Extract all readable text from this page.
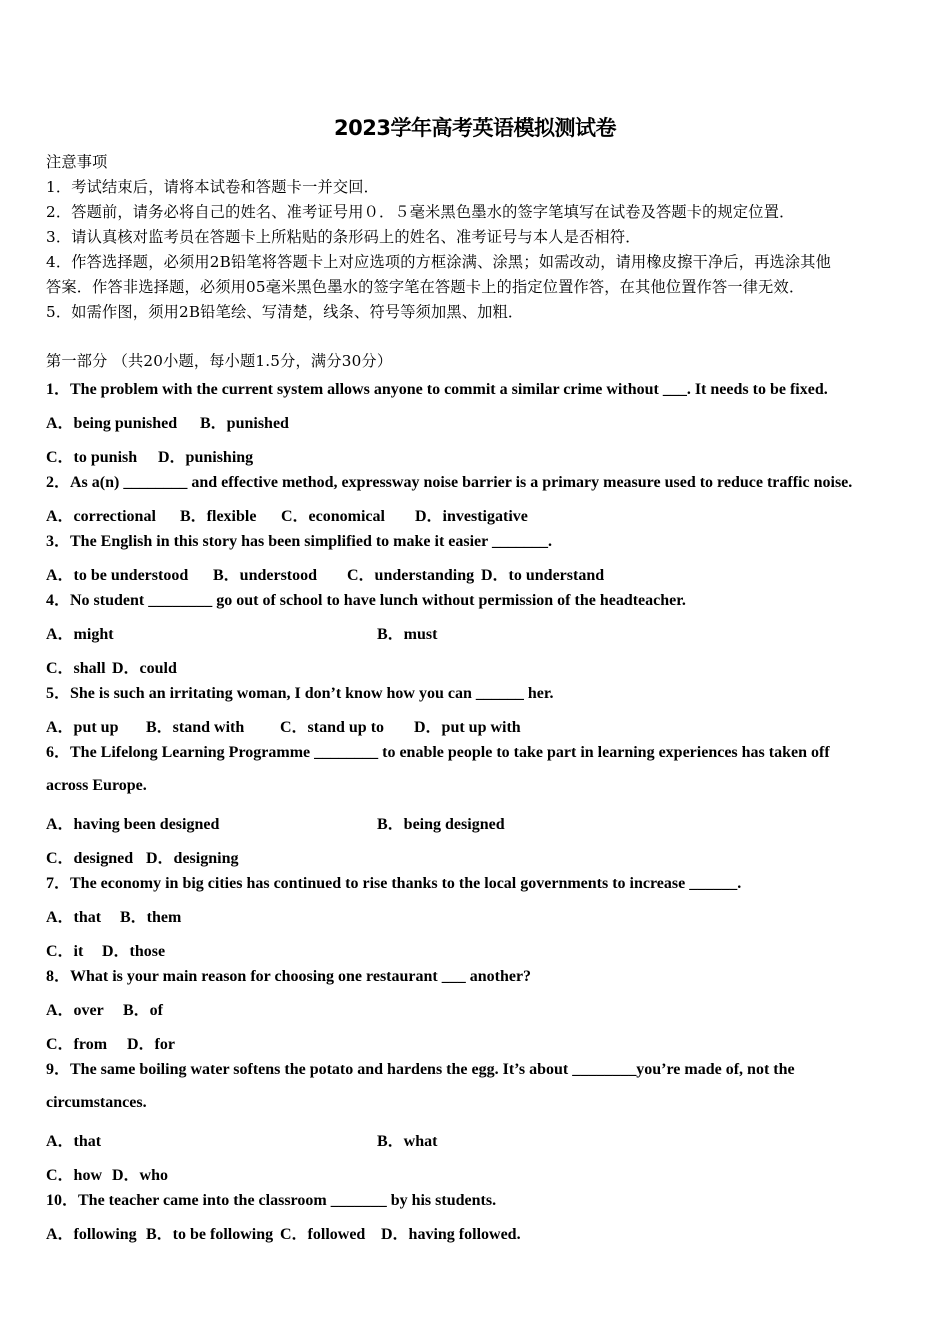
2023学年高考英语模拟测试卷
注意事项
1．考试结束后，请将本试卷和答题卡一并交回．
2．答题前，请务必将自己的姓名、准考证号用０．５毫米黑色墨水的签字笔填写在试卷及答题卡的规定位置．
3．请认真核对监考员在答题卡上所粘贴的条形码上的姓名、准考证号与本人是否相符．
4．作答选择题，必须用2B铅笔将答题卡上对应选项的方框涂满、涂黑；如需改动，请用橡皮擦干净后，再选涂其他
答案．作答非选择题，必须用05毫米黑色墨水的签字笔在答题卡上的指定位置作答，在其他位置作答一律无效．
5．如需作图，须用2B铅笔绘、写清楚，线条、符号等须加黑、加粗．
第一部分 （共20小题，每小题1.5分，满分30分）
1．The problem with the current system allows anyone to commit a similar crime without ___. It needs to be fixed.
A．being punished B．punished
C．to punish D．punishing
2．As a(n) ________ and effective method, expressway noise barrier is a primary measure used to reduce traffic noise.
A．correctional B．flexible C．economical D．investigative
3．The English in this story has been simplified to make it easier _______.
A．to be understood B．understood C．understanding D．to understand
4．No student ________ go out of school to have lunch without permission of the headteacher.
A．might	B．must
C．shall D．could
5．She is such an irritating woman, I don’t know how you can ______ her.
A．put up B．stand with C．stand up to D．put up with
6．The Lifelong Learning Programme ________ to enable people to take part in learning experiences has taken off
across Europe.
A．having been designed	B．being designed
C．designed D．designing
7．The economy in big cities has continued to rise thanks to the local governments to increase ______.
A．that B．them
C．it D．those
8．What is your main reason for choosing one restaurant ___ another?
A．over B．of
C．from D．for
9．The same boiling water softens the potato and hardens the egg. It’s about ________you’re made of, not the
circumstances.
A．that	B．what
C．how D．who
10．The teacher came into the classroom _______ by his students.
A．following B．to be following C．followed D．having followed.
